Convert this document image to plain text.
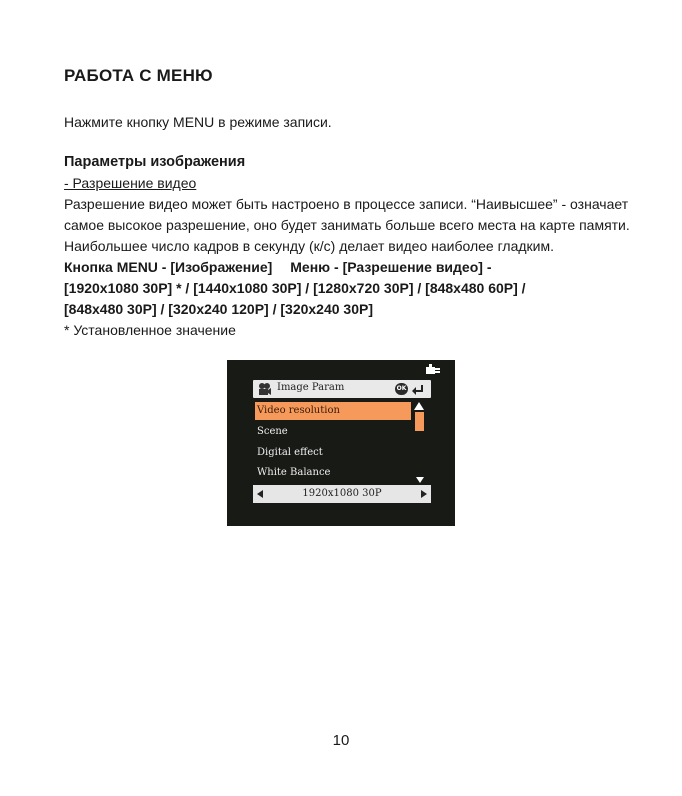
РАБОТА С МЕНЮ
Нажмите кнопку MENU в режиме записи.
Параметры изображения
- Разрешение видео
Разрешение видео может быть настроено в процессе записи. “Наивысшее” - означает самое высокое разрешение, оно будет занимать больше всего места на карте памяти. Наибольшее число кадров в секунду (к/с) делает видео наиболее гладким.
Кнопка MENU - [Изображение] Меню - [Разрешение видео] -
[1920x1080 30P] * / [1440x1080 30P] / [1280x720 30P] / [848x480 60P] /
[848x480 30P] / [320x240 120P] / [320x240 30P]
* Установленное значение
Image Param	OK
Video resolution
Scene
Digital effect
White Balance
1920x1080 30P
10
